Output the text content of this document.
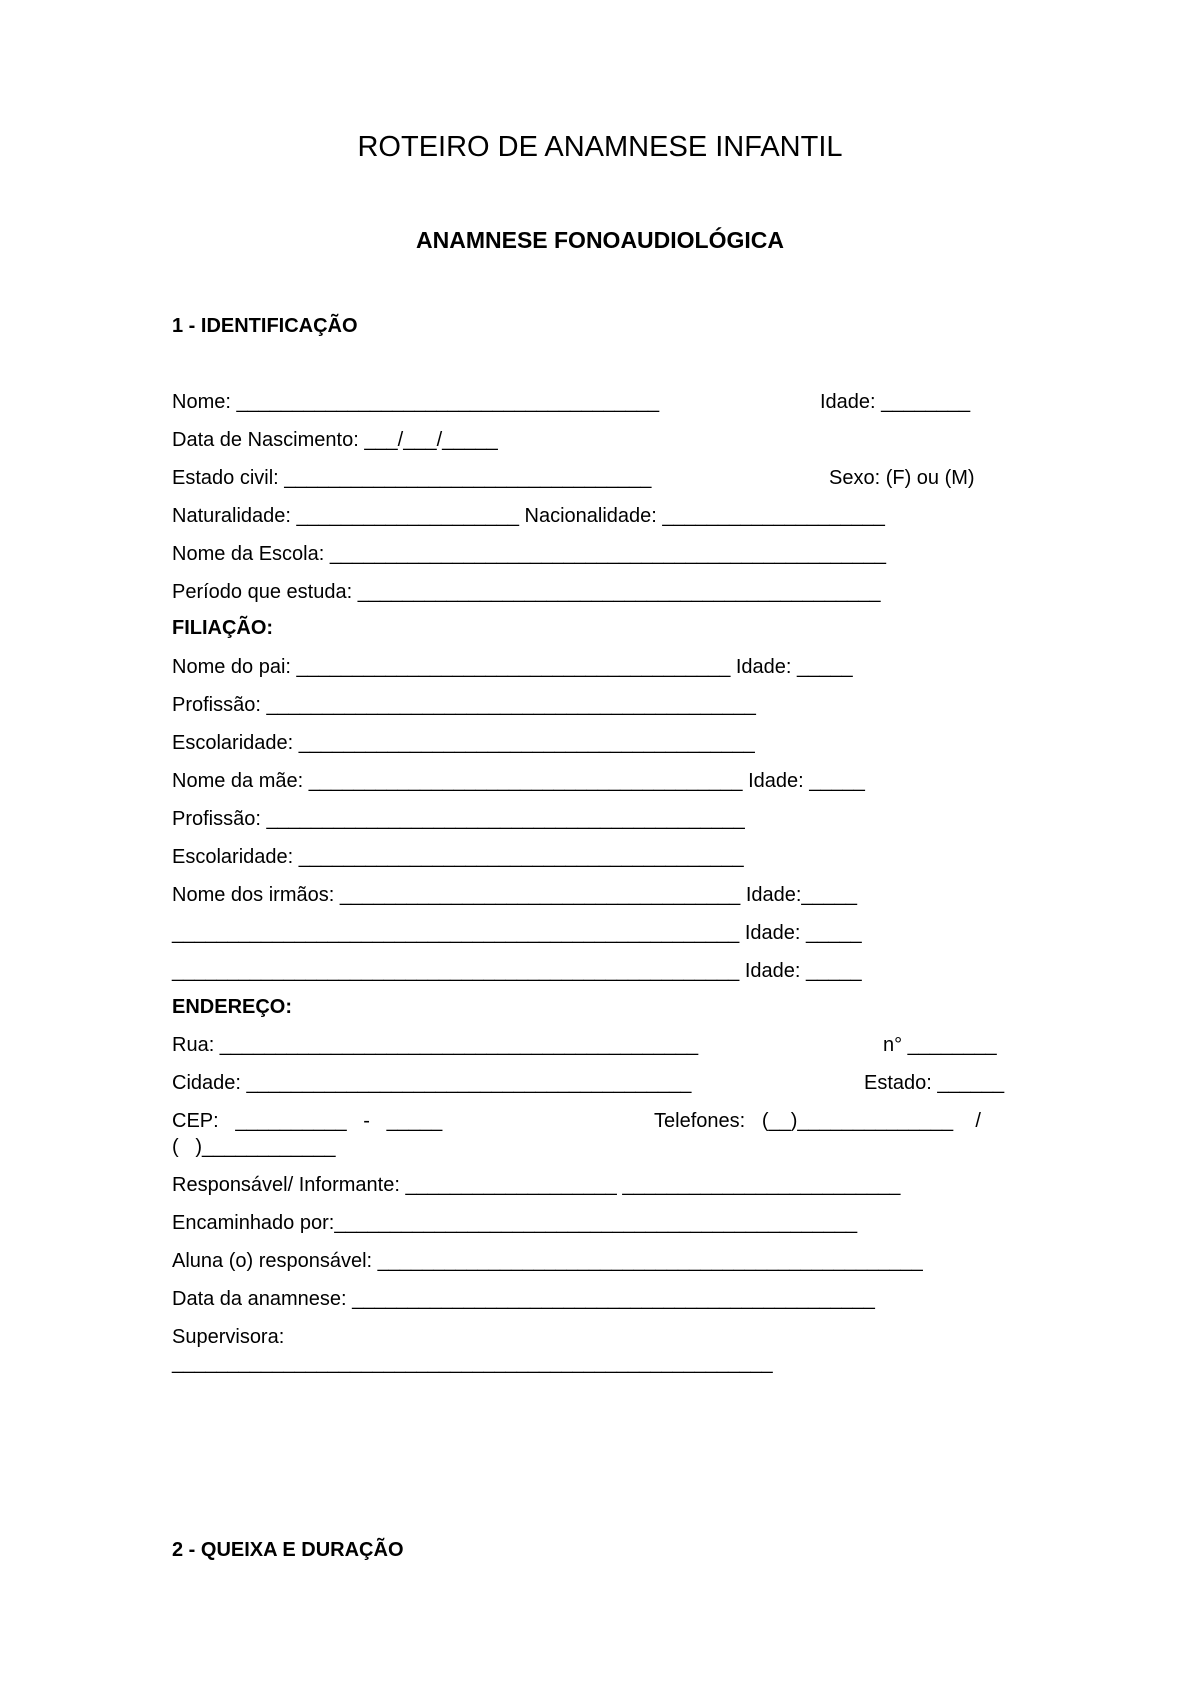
ROTEIRO DE ANAMNESE INFANTIL
ANAMNESE FONOAUDIOLÓGICA
1 - IDENTIFICAÇÃO
Nome: ______________________________________	Idade: ________
Data de Nascimento: ___/___/_____
Estado civil: _________________________________	Sexo: (F) ou (M)
Naturalidade: ____________________ Nacionalidade: ____________________
Nome da Escola: __________________________________________________
Período que estuda: _______________________________________________
FILIAÇÃO:
Nome do pai: _______________________________________ Idade: _____
Profissão: ____________________________________________
Escolaridade: _________________________________________
Nome da mãe: _______________________________________ Idade: _____
Profissão: ___________________________________________
Escolaridade: ________________________________________
Nome dos irmãos: ____________________________________ Idade:_____
___________________________________________________ Idade: _____
___________________________________________________ Idade: _____
ENDEREÇO:
Rua: ___________________________________________	n° ________
Cidade: ________________________________________	Estado: ______
CEP:   __________   -   _____	Telefones:   (__)______________    /
(   )____________
Responsável/ Informante: ___________________ _________________________
Encaminhado por:_______________________________________________
Aluna (o) responsável: _________________________________________________
Data da anamnese: _______________________________________________
Supervisora:
______________________________________________________
2 - QUEIXA E DURAÇÃO
